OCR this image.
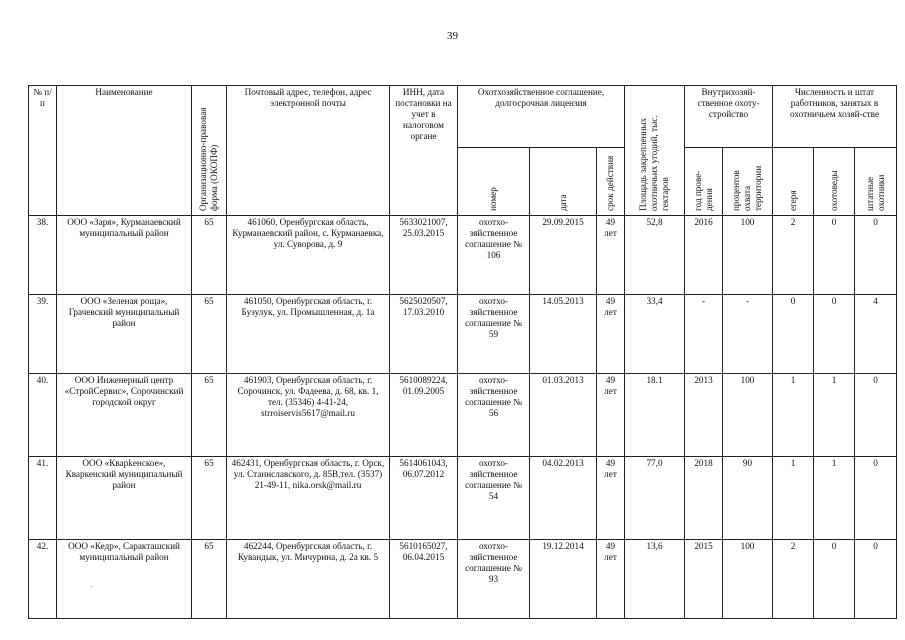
39
№ п/п	Наименование	Организационно-правовая форма (ОКОПФ)	Почтовый адрес, телефон, адрес электронной почты	ИНН, дата постановки на учет в налоговом органе	Охотхозяйственное соглашение, долгосрочная лицензия			Площадь закрепленных охотничьих угодий, тыс. гектаров	Внутрихозяй-ственное охоту-стройство		Численность и штат работников, занятых в охотничьем хозяй-стве		

					номер	дата	срок действия		год прове-дения	процентов охвата территории	егеря	охотоведы	штатные охотники

38.	ООО «Заря», Курманаевский муниципальный район	65	461060, Оренбургская область, Курманаевский район, с. Курманаевка, ул. Суворова, д. 9	5633021007, 25.03.2015	охотхо-зяйственное соглашение № 106	29.09.2015	49 лет	52,8	2016	100	2	0	0
39.	ООО «Зеленая роща», Грачевский муниципальный район	65	461050, Оренбургская область, г. Бузулук, ул. Промышленная, д. 1а	5625020507, 17.03.2010	охотхо-зяйственное соглашение № 59	14.05.2013	49 лет	33,4	-	-	0	0	4
40.	ООО Инженерный центр «СтройСервис», Сорочинский городской округ	65	461903, Оренбургская область, г. Сорочинск, ул. Фадеева, д. 68, кв. 1, тел. (35346) 4-41-24, strroiservis5617@mail.ru	5610089224, 01.09.2005	охотхо-зяйственное соглашение № 56	01.03.2013	49 лет	18.1	2013	100	1	1	0
41.	ООО «Кварkенское», Кваркенский муниципальный район	65	462431, Оренбургская область, г. Орск, ул. Станиславского, д. 85В,тел. (3537) 21-49-11, nika.orsk@mail.ru	5614061043, 06.07.2012	охотхо-зяйственное соглашение № 54	04.02.2013	49 лет	77,0	2018	90	1	1	0
42.	ООО «Кедр», Саракташский муниципальный район	65	462244, Оренбургская область, г. Кувандык, ул. Мичурина, д. 2а кв. 5	5610165027, 06.04.2015	охотхо-зяйственное соглашение № 93	19.12.2014	49 лет	13,6	2015	100	2	0	0
-
